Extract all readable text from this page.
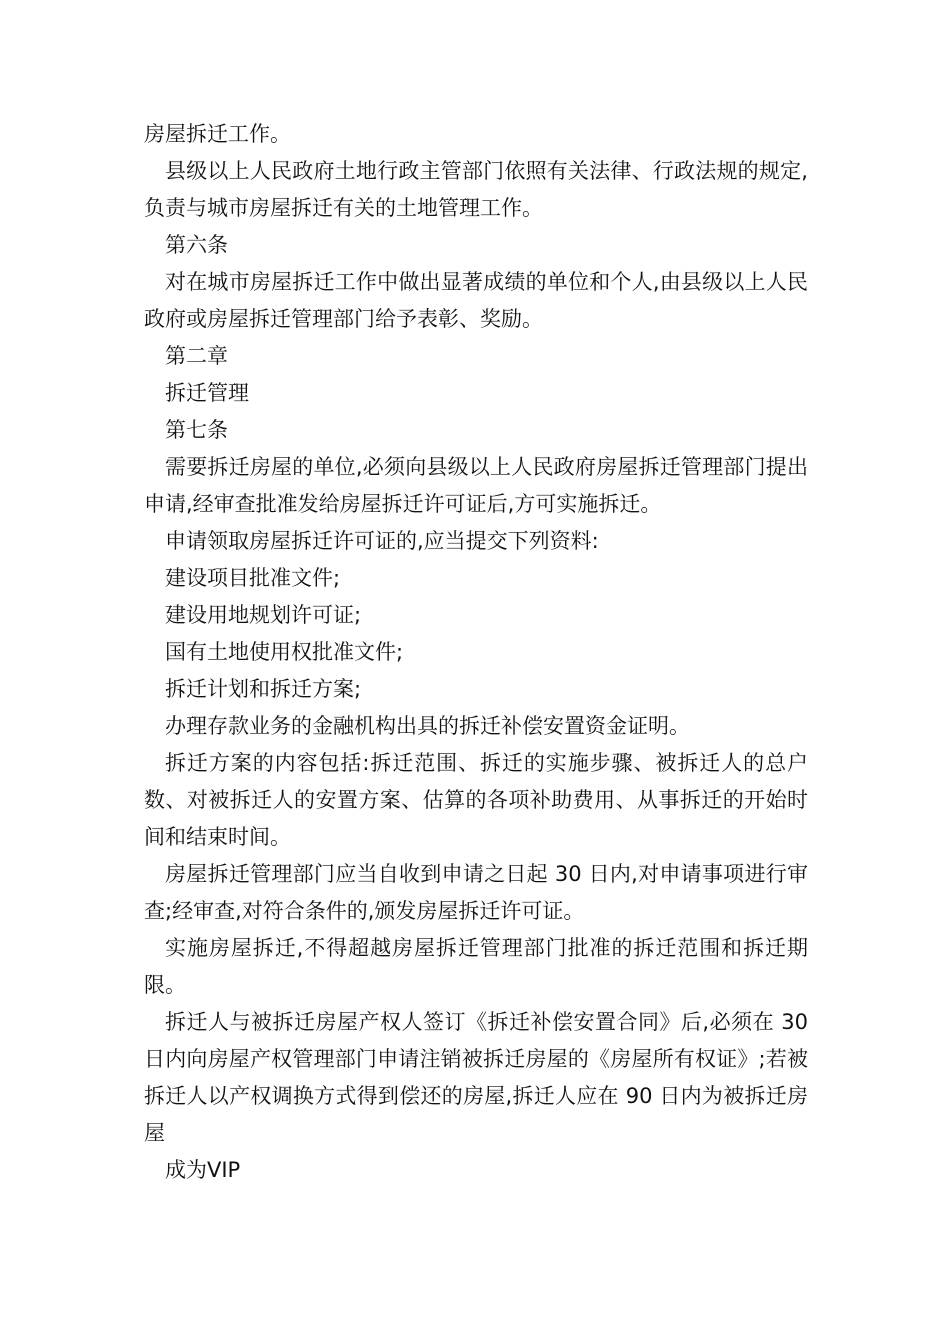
房屋拆迁工作。

县级以上人民政府土地行政主管部门依照有关法律、行政法规的规定,负责与城市房屋拆迁有关的土地管理工作。

第六条

对在城市房屋拆迁工作中做出显著成绩的单位和个人,由县级以上人民政府或房屋拆迁管理部门给予表彰、奖励。

第二章

拆迁管理

第七条

需要拆迁房屋的单位,必须向县级以上人民政府房屋拆迁管理部门提出申请,经审查批准发给房屋拆迁许可证后,方可实施拆迁。

申请领取房屋拆迁许可证的,应当提交下列资料:

建设项目批准文件;

建设用地规划许可证;

国有土地使用权批准文件;

拆迁计划和拆迁方案;

办理存款业务的金融机构出具的拆迁补偿安置资金证明。

拆迁方案的内容包括:拆迁范围、拆迁的实施步骤、被拆迁人的总户数、对被拆迁人的安置方案、估算的各项补助费用、从事拆迁的开始时间和结束时间。

房屋拆迁管理部门应当自收到申请之日起 30 日内,对申请事项进行审查;经审查,对符合条件的,颁发房屋拆迁许可证。

实施房屋拆迁,不得超越房屋拆迁管理部门批准的拆迁范围和拆迁期限。

拆迁人与被拆迁房屋产权人签订《拆迁补偿安置合同》后,必须在 30 日内向房屋产权管理部门申请注销被拆迁房屋的《房屋所有权证》;若被拆迁人以产权调换方式得到偿还的房屋,拆迁人应在 90 日内为被拆迁房屋

成为VIP
